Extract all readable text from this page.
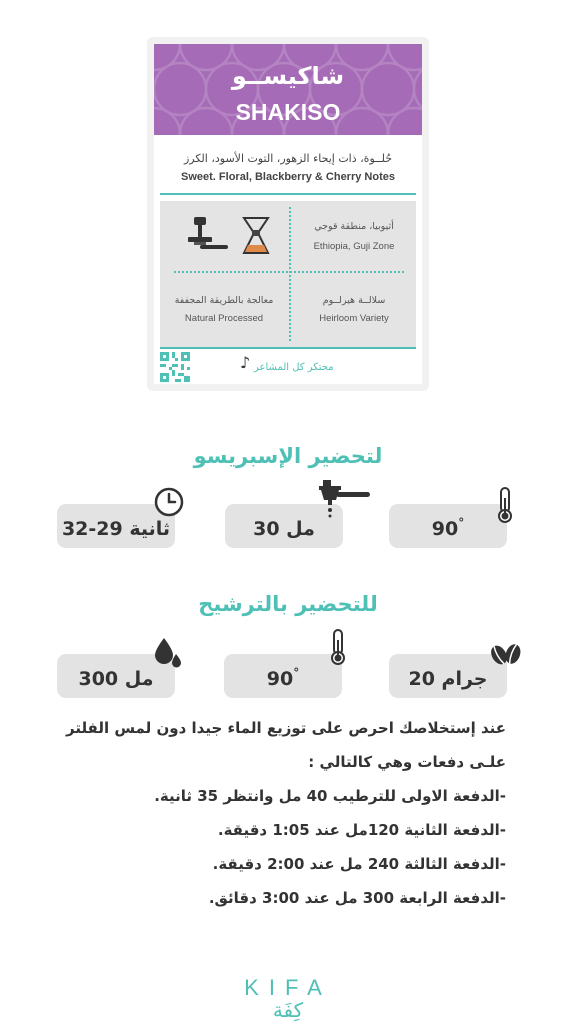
شاكيســو
SHAKISO
حُلــوة، ذات إيحاء الزهور، التوت الأسود، الكرز
Sweet. Floral, Blackberry & Cherry Notes
أثيوبيا، منطقة قوجي
Ethiopia, Guji Zone
معالجة بالطريقة المجففة
Natural Processed
سلالــة هيرلــوم
Heirloom Variety
♪ محتكر كل المشاعر
لتحضير الإسبريسو
90°
30 مل
32-29 ثانية
للتحضير بالترشيح
20 جرام
90°
300 مل

عند إستخلاصك احرص على توزيع الماء جيدا دون لمس الفلتر

علـى دفعات وهي كالتالي :

-الدفعة الاولى للترطيب 40 مل وانتظر 35 ثانية.

-الدفعة الثانية 120مل عند 1:05 دقيقة.

-الدفعة الثالثة 240 مل عند 2:00 دقيقة.

-الدفعة الرابعة 300 مل عند 3:00 دقائق.

KIFA
كِفَة
